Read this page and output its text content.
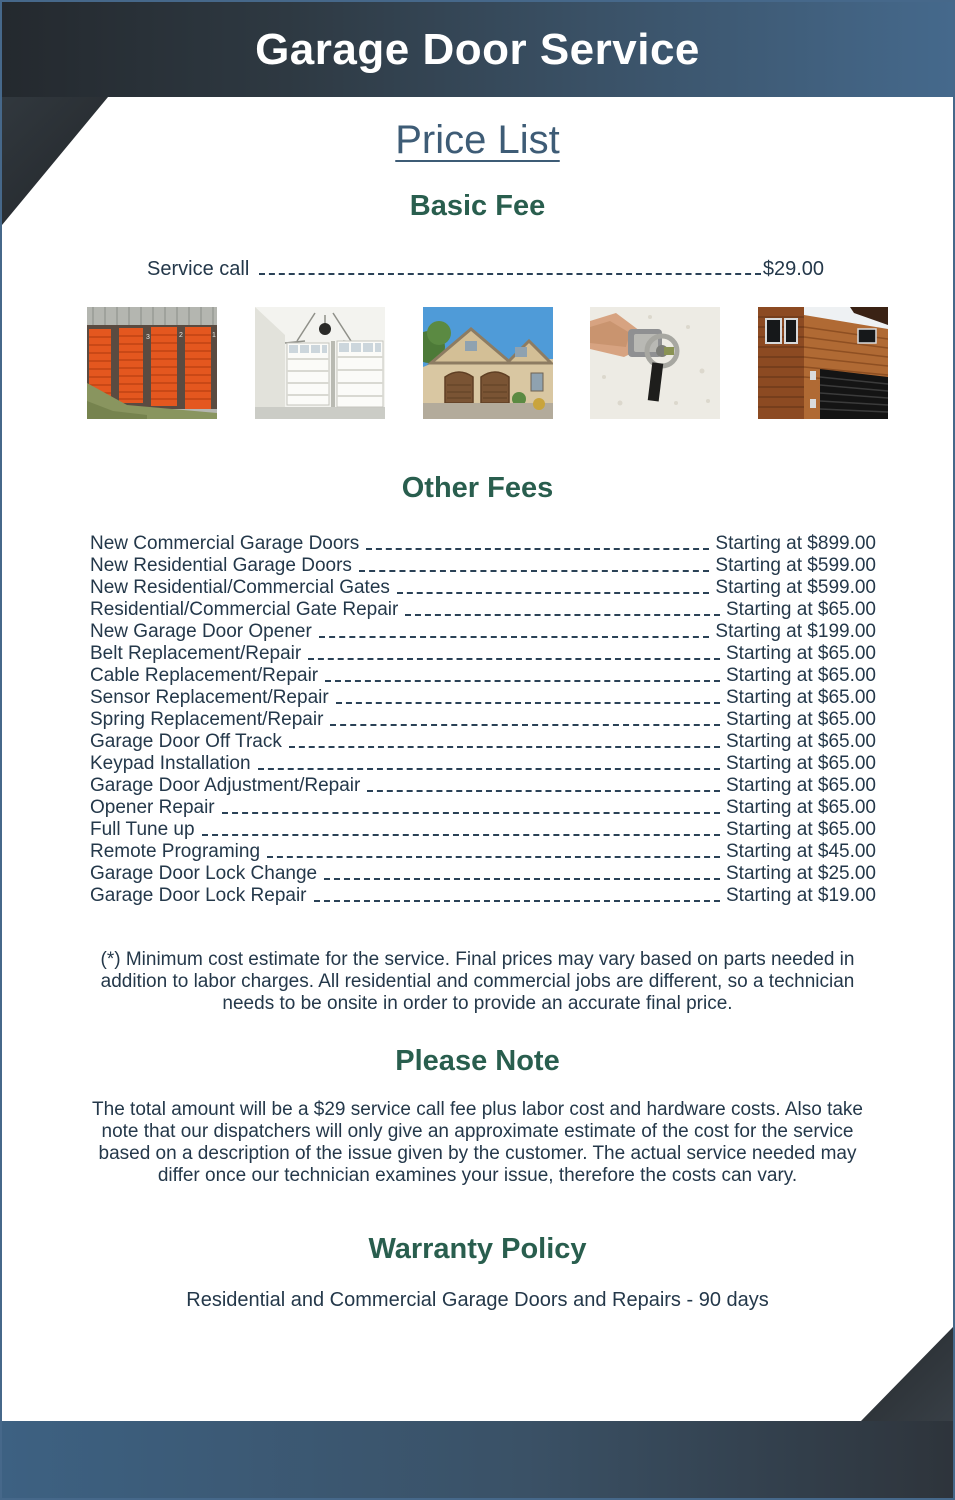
Garage Door Service
Price List
Basic Fee
Service call	$29.00
3	2	1
Other Fees
New Commercial Garage Doors	Starting at $899.00
New Residential Garage Doors	Starting at $599.00
New Residential/Commercial Gates	Starting at $599.00
Residential/Commercial Gate Repair	Starting at $65.00
New Garage Door Opener	Starting at $199.00
Belt Replacement/Repair	Starting at $65.00
Cable Replacement/Repair	Starting at $65.00
Sensor Replacement/Repair	Starting at $65.00
Spring Replacement/Repair	Starting at $65.00
Garage Door Off Track	Starting at $65.00
Keypad Installation	Starting at $65.00
Garage Door Adjustment/Repair	Starting at $65.00
Opener Repair	Starting at $65.00
Full Tune up	Starting at $65.00
Remote Programing	Starting at $45.00
Garage Door Lock Change	Starting at $25.00
Garage Door Lock Repair	Starting at $19.00

(*) Minimum cost estimate for the service. Final prices may vary based on parts needed in addition to labor charges. All residential and commercial jobs are different, so a technician needs to be onsite in order to provide an accurate final price.

Please Note

The total amount will be a $29 service call fee plus labor cost and hardware costs. Also take note that our dispatchers will only give an approximate estimate of the cost for the service based on a description of the issue given by the customer. The actual service needed may differ once our technician examines your issue, therefore the costs can vary.

Warranty Policy
Residential and Commercial Garage Doors and Repairs - 90 days
